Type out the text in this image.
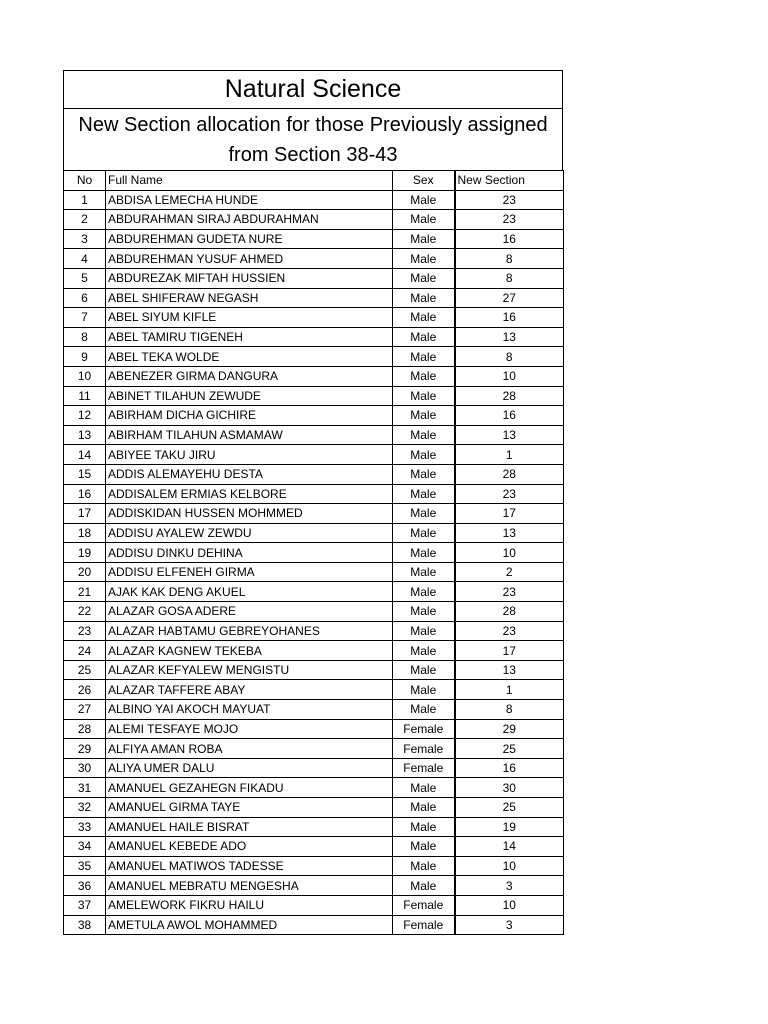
Natural Science
New Section allocation for those Previously assigned
from Section 38-43
No	Full Name	Sex	New Section
1	ABDISA LEMECHA HUNDE	Male	23
2	ABDURAHMAN SIRAJ ABDURAHMAN	Male	23
3	ABDUREHMAN GUDETA NURE	Male	16
4	ABDUREHMAN YUSUF AHMED	Male	8
5	ABDUREZAK MIFTAH HUSSIEN	Male	8
6	ABEL SHIFERAW NEGASH	Male	27
7	ABEL SIYUM KIFLE	Male	16
8	ABEL TAMIRU TIGENEH	Male	13
9	ABEL TEKA WOLDE	Male	8
10	ABENEZER GIRMA DANGURA	Male	10
11	ABINET TILAHUN ZEWUDE	Male	28
12	ABIRHAM DICHA GICHIRE	Male	16
13	ABIRHAM TILAHUN ASMAMAW	Male	13
14	ABIYEE TAKU JIRU	Male	1
15	ADDIS ALEMAYEHU DESTA	Male	28
16	ADDISALEM ERMIAS KELBORE	Male	23
17	ADDISKIDAN HUSSEN MOHMMED	Male	17
18	ADDISU AYALEW ZEWDU	Male	13
19	ADDISU DINKU DEHINA	Male	10
20	ADDISU ELFENEH GIRMA	Male	2
21	AJAK KAK DENG AKUEL	Male	23
22	ALAZAR GOSA ADERE	Male	28
23	ALAZAR HABTAMU GEBREYOHANES	Male	23
24	ALAZAR KAGNEW TEKEBA	Male	17
25	ALAZAR KEFYALEW MENGISTU	Male	13
26	ALAZAR TAFFERE ABAY	Male	1
27	ALBINO YAI AKOCH MAYUAT	Male	8
28	ALEMI TESFAYE MOJO	Female	29
29	ALFIYA AMAN ROBA	Female	25
30	ALIYA UMER DALU	Female	16
31	AMANUEL GEZAHEGN FIKADU	Male	30
32	AMANUEL GIRMA TAYE	Male	25
33	AMANUEL HAILE BISRAT	Male	19
34	AMANUEL KEBEDE ADO	Male	14
35	AMANUEL MATIWOS TADESSE	Male	10
36	AMANUEL MEBRATU MENGESHA	Male	3
37	AMELEWORK FIKRU HAILU	Female	10
38	AMETULA AWOL MOHAMMED	Female	3
